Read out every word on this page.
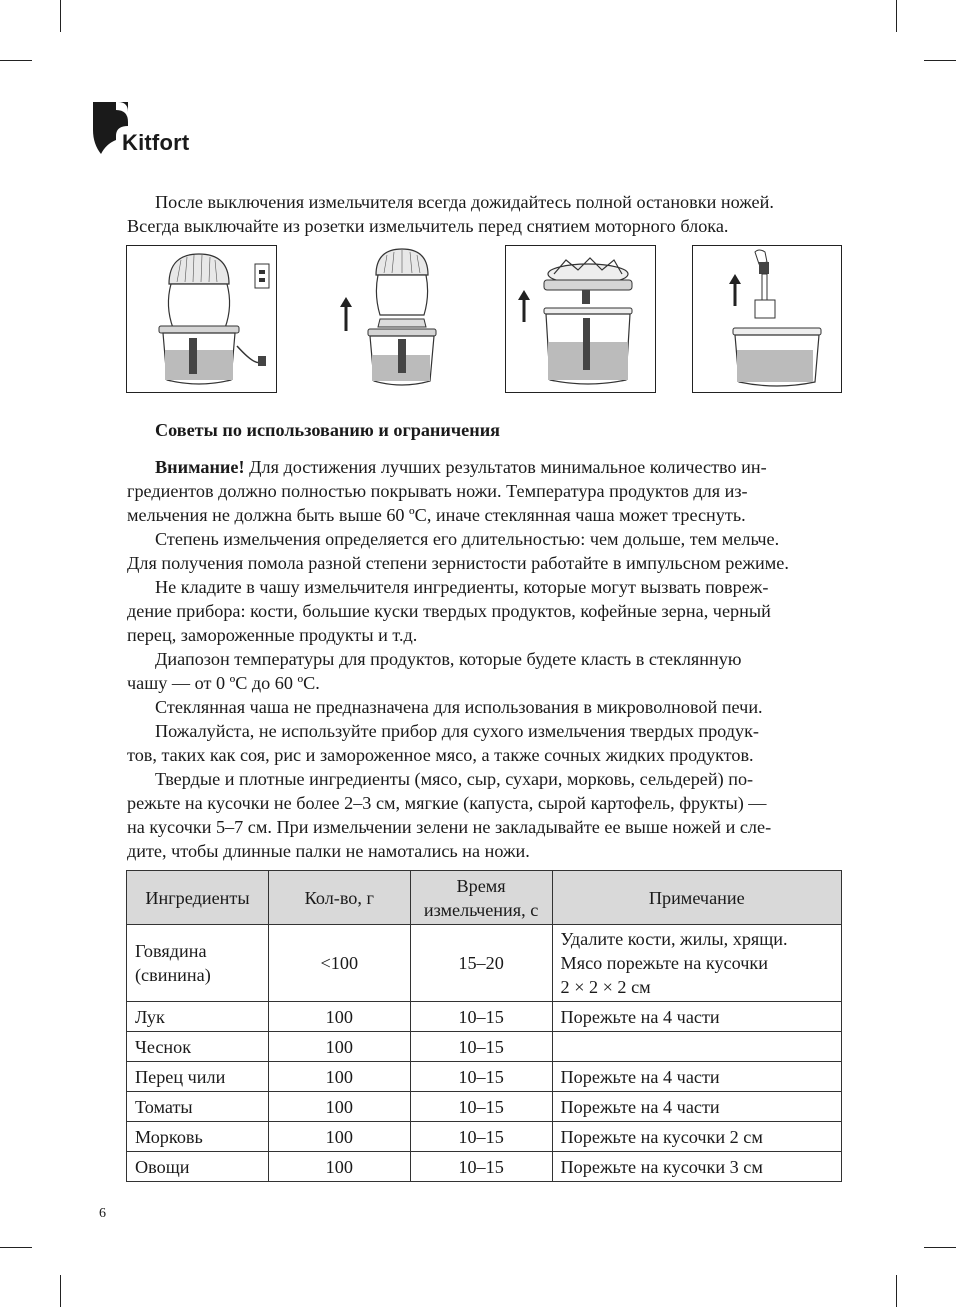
Kitfort

После выключения измельчителя всегда дожидайтесь полной остановки ножей.
Всегда выключайте из розетки измельчитель перед снятием моторного блока.

Советы по использованию и ограничения

Внимание! Для достижения лучших результатов минимальное количество ин-
гредиентов должно полностью покрывать ножи. Температура продуктов для из-
мельчения не должна быть выше 60 ºС, иначе стеклянная чаша может треснуть.

Степень измельчения определяется его длительностью: чем дольше, тем мельче.
Для получения помола разной степени зернистости работайте в импульсном режиме.

Не кладите в чашу измельчителя ингредиенты, которые могут вызвать повреж-
дение прибора: кости, большие куски твердых продуктов, кофейные зерна, черный
перец, замороженные продукты и т.д.

Диапозон температуры для продуктов, которые будете класть в стеклянную
чашу — от 0 ºС до 60 ºС.

Стеклянная чаша не предназначена для использования в микроволновой печи.

Пожалуйста, не используйте прибор для сухого измельчения твердых продук-
тов, таких как соя, рис и замороженное мясо, а также сочных жидких продуктов.

Твердые и плотные ингредиенты (мясо, сыр, сухари, морковь, сельдерей) по-
режьте на кусочки не более 2–3 см, мягкие (капуста, сырой картофель, фрукты) —
на кусочки 5–7 см. При измельчении зелени не закладывайте ее выше ножей и сле-
дите, чтобы длинные палки не намотались на ножи.

Ингредиенты	Кол-во, г	Время
измельчения, с	Примечание
Говядина
(свинина)	<100	15–20	Удалите кости, жилы, хрящи.
Мясо порежьте на кусочки
2 × 2 × 2 см
Лук	100	10–15	Порежьте на 4 части
Чеснок	100	10–15	
Перец чили	100	10–15	Порежьте на 4 части
Томаты	100	10–15	Порежьте на 4 части
Морковь	100	10–15	Порежьте на кусочки 2 см
Овощи	100	10–15	Порежьте на кусочки 3 см
6
